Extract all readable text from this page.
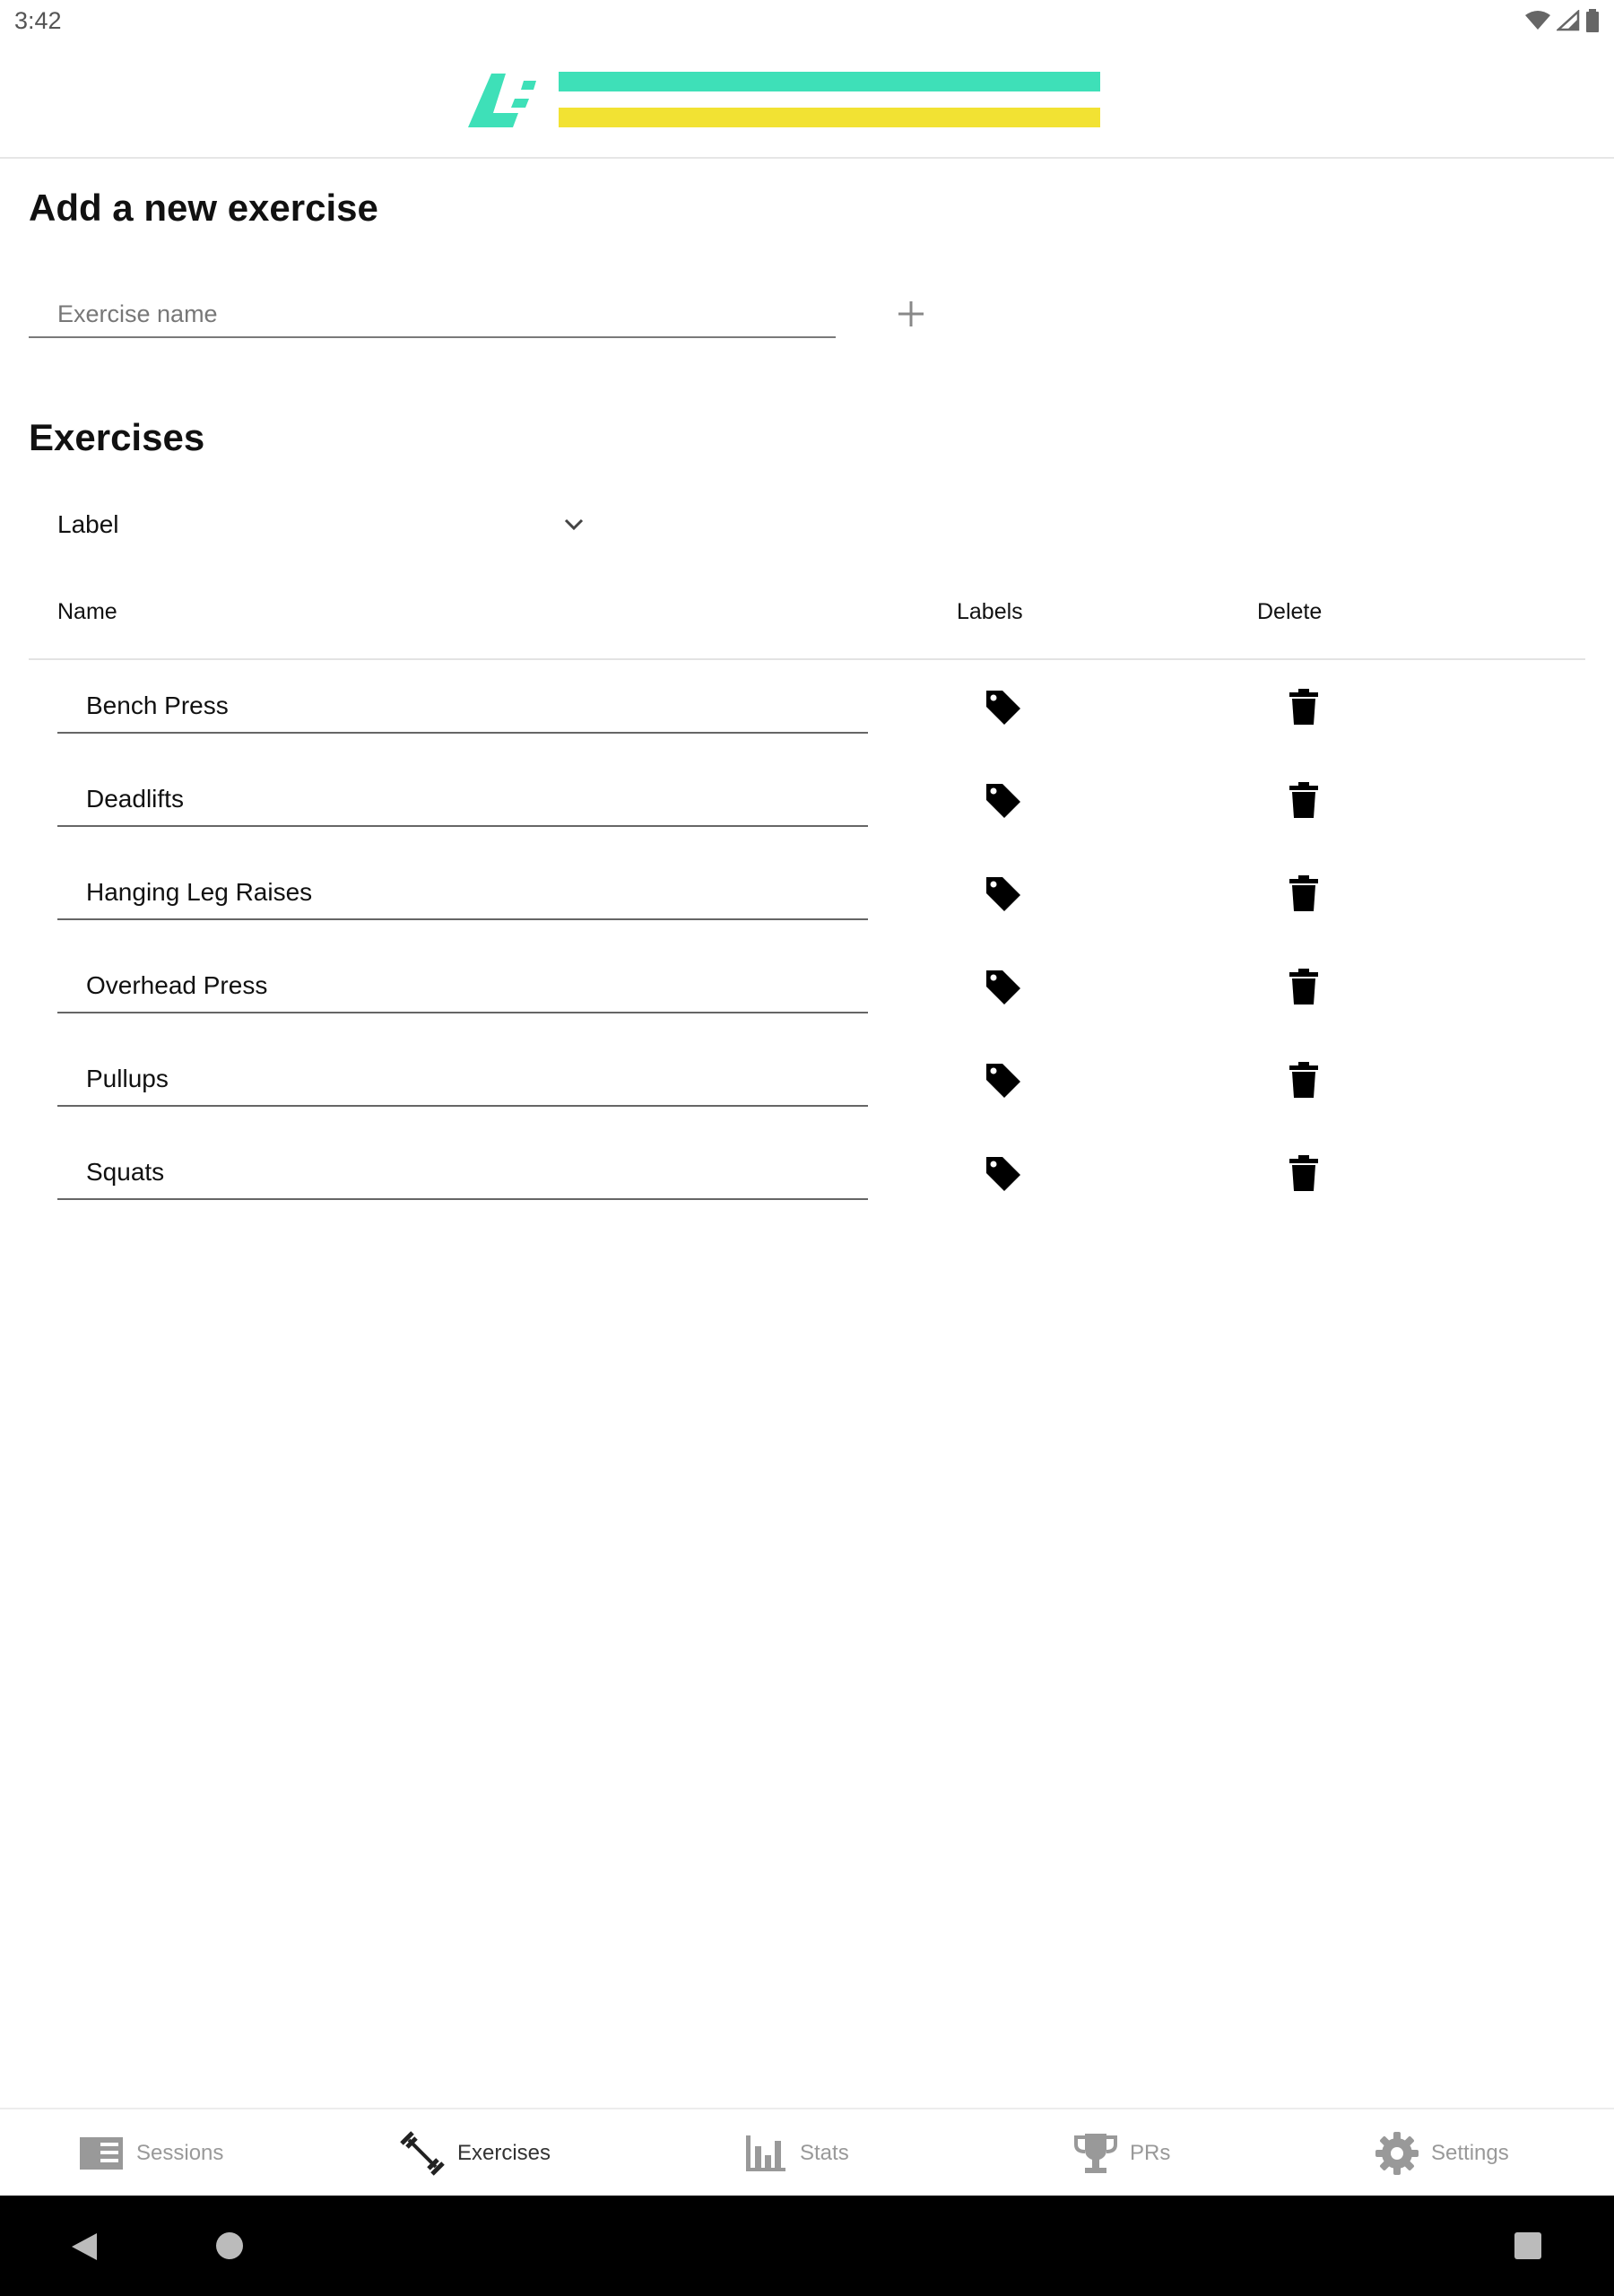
3:42
Add a new exercise
Exercise name
Exercises
Label
Name	Labels	Delete
Bench Press
Deadlifts
Hanging Leg Raises
Overhead Press
Pullups
Squats
Sessions	Exercises	Stats	PRs	Settings
